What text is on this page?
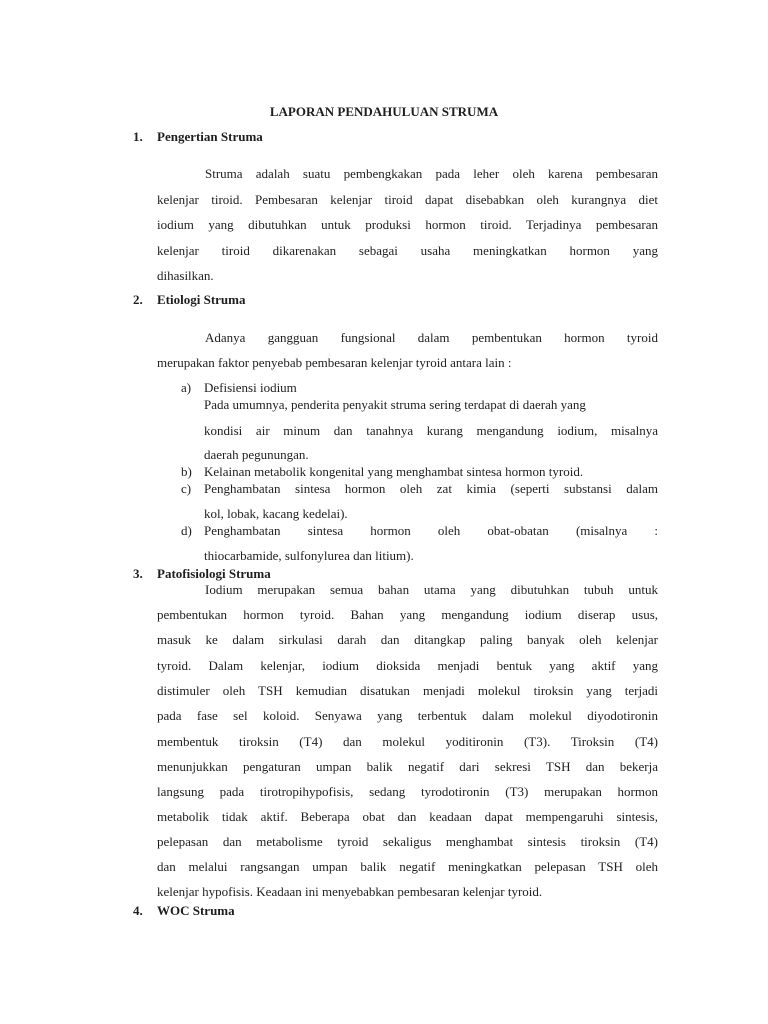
LAPORAN PENDAHULUAN STRUMA
1. Pengertian Struma
Struma adalah suatu pembengkakan pada leher oleh karena pembesaran
kelenjar tiroid. Pembesaran kelenjar tiroid dapat disebabkan oleh kurangnya diet
iodium yang dibutuhkan untuk produksi hormon tiroid. Terjadinya pembesaran
kelenjar tiroid dikarenakan sebagai usaha meningkatkan hormon yang
dihasilkan.
2. Etiologi Struma
Adanya gangguan fungsional dalam pembentukan hormon tyroid
merupakan faktor penyebab pembesaran kelenjar tyroid antara lain :
a) Defisiensi iodium
Pada umumnya, penderita penyakit struma sering terdapat di daerah yang
kondisi air minum dan tanahnya kurang mengandung iodium, misalnya
daerah pegunungan.
b) Kelainan metabolik kongenital yang menghambat sintesa hormon tyroid.
c) Penghambatan sintesa hormon oleh zat kimia (seperti substansi dalam
kol, lobak, kacang kedelai).
d) Penghambatan sintesa hormon oleh obat-obatan (misalnya :
thiocarbamide, sulfonylurea dan litium).
3. Patofisiologi Struma
Iodium merupakan semua bahan utama yang dibutuhkan tubuh untuk
pembentukan hormon tyroid. Bahan yang mengandung iodium diserap usus,
masuk ke dalam sirkulasi darah dan ditangkap paling banyak oleh kelenjar
tyroid. Dalam kelenjar, iodium dioksida menjadi bentuk yang aktif yang
distimuler oleh TSH kemudian disatukan menjadi molekul tiroksin yang terjadi
pada fase sel koloid. Senyawa yang terbentuk dalam molekul diyodotironin
membentuk tiroksin (T4) dan molekul yoditironin (T3). Tiroksin (T4)
menunjukkan pengaturan umpan balik negatif dari sekresi TSH dan bekerja
langsung pada tirotropihypofisis, sedang tyrodotironin (T3) merupakan hormon
metabolik tidak aktif. Beberapa obat dan keadaan dapat mempengaruhi sintesis,
pelepasan dan metabolisme tyroid sekaligus menghambat sintesis tiroksin (T4)
dan melalui rangsangan umpan balik negatif meningkatkan pelepasan TSH oleh
kelenjar hypofisis. Keadaan ini menyebabkan pembesaran kelenjar tyroid.
4. WOC Struma
